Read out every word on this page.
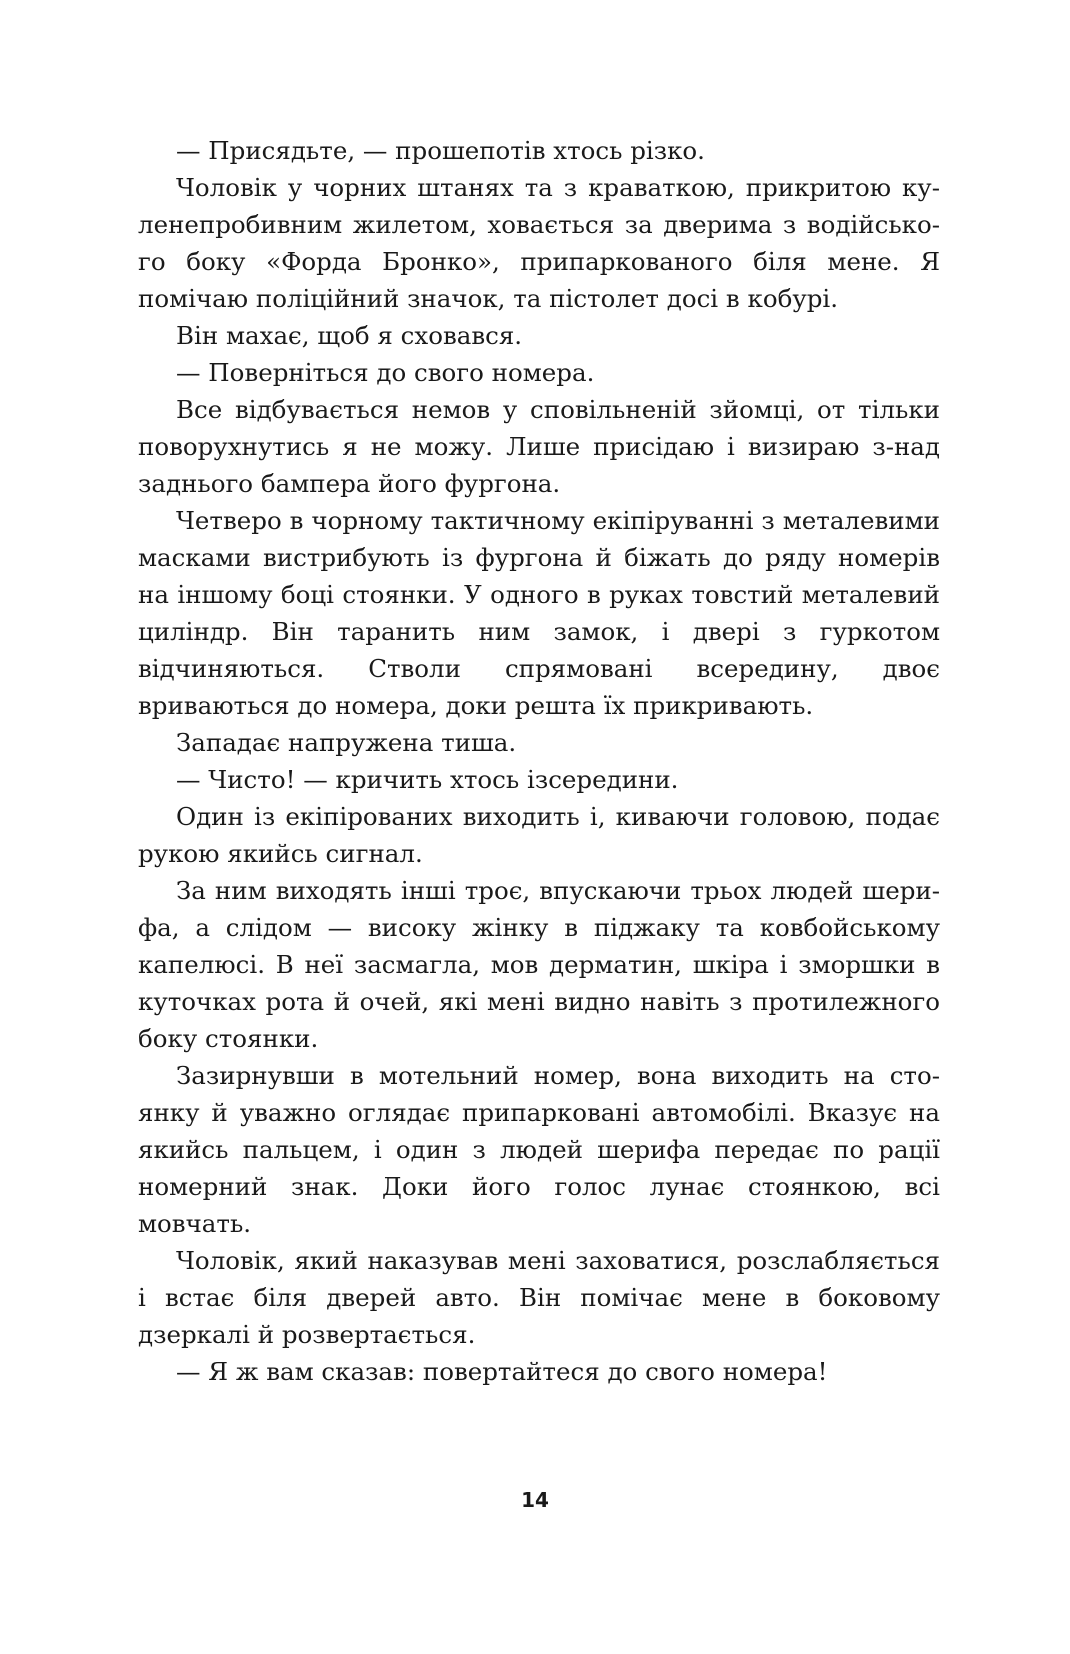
— Присядьте, — прошепотів хтось різко.

Чоловік у чорних штанях та з краваткою, прикритою куленепробивним жилетом, ховається за дверима з водійського боку «Форда Бронко», припаркованого біля мене. Я помічаю поліційний значок, та пістолет досі в кобурі.

Він махає, щоб я сховався.

— Поверніться до свого номера.

Все відбувається немов у сповільненій зйомці, от тільки поворухнутись я не можу. Лише присідаю і визираю з-над заднього бампера його фургона.

Четверо в чорному тактичному екіпіруванні з металевими масками вистрибують із фургона й біжать до ряду номерів на іншому боці стоянки. У одного в руках товстий металевий циліндр. Він таранить ним замок, і двері з гуркотом відчиняються. Стволи спрямовані всередину, двоє вриваються до номера, доки решта їх прикривають.

Западає напружена тиша.

— Чисто! — кричить хтось ізсередини.

Один із екіпірованих виходить і, киваючи головою, подає рукою якийсь сигнал.

За ним виходять інші троє, впускаючи трьох людей шерифа, а слідом — високу жінку в піджаку та ковбойському капелюсі. В неї засмагла, мов дерматин, шкіра і зморшки в куточках рота й очей, які мені видно навіть з протилежного боку стоянки.

Зазирнувши в мотельний номер, вона виходить на стоянку й уважно оглядає припарковані автомобілі. Вказує на якийсь пальцем, і один з людей шерифа передає по рації номерний знак. Доки його голос лунає стоянкою, всі мовчать.

Чоловік, який наказував мені заховатися, розслабляється і встає біля дверей авто. Він помічає мене в боковому дзеркалі й розвертається.

— Я ж вам сказав: повертайтеся до свого номера!

14
